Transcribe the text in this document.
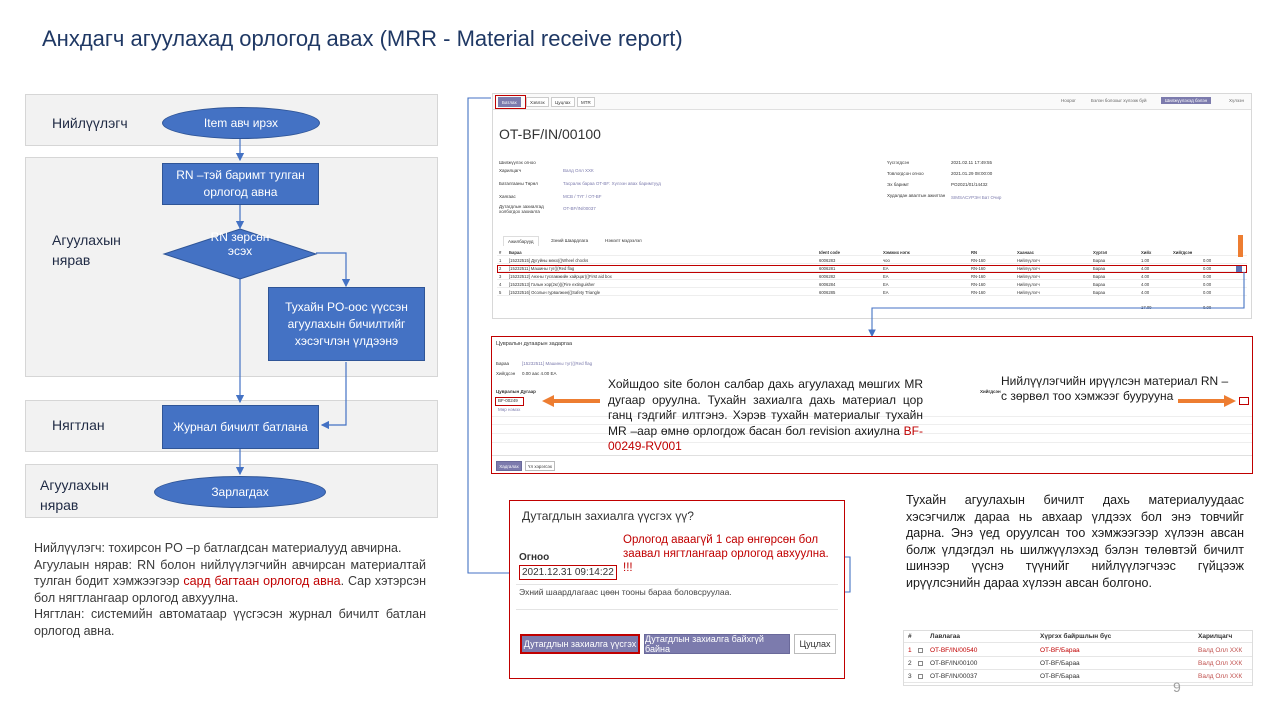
Анхдагч агуулахад орлогод авах (MRR - Material receive report)
Нийлүүлэгч
Агуулахын нярав
Нягтлан
Агуулахын нярав
Item авч ирэх
RN –тэй баримт тулган орлогод авна
RN зөрсөн эсэх
Тухайн PO-оос үүссэн агуулахын бичилтийг хэсэгчлэн үлдээнэ
Журнал бичилт батлана
Зарлагдах
Нийлүүлэгч: тохирсон PO –р батлагдсан материалууд авчирна.
Агуулаын нярав: RN болон нийлүүлэгчийн авчирсан материалтай тулган бодит хэмжээгээр сард багтаан орлогод авна. Сар хэтэрсэн бол нягтлангаар орлогод авхуулна.
Нягтлан: системийн автоматаар үүсгэсэн журнал бичилт батлан орлогод авна.
Батлах	Хэвлэх	Цуцлах	MTR	Ноорог	Бэлэн болохыг хүлээж буй	Шилжүүлэхэд бэлэн	Хүлээн
OT-BF/IN/00100
Шилжүүлэх огноо
Харилцагч	Валд Олл ХХК
Баталгааны Төрөл	Тасралж бараа OT-BF: Хүлээн авах баримтууд
Хаягаас	МСВ / ТҮГ / OT-BF
Дутагдлын захиалгад холбогдох захиалга
OT-BF/IN/00037
Үүсгэгдсэн	2021.02.11 17:49:55
Товлогдсон огноо	2021.01.29 08:00:00
Эх баримт	PO2021/01/14432
Худалдан авалтын ажилтан	SIMSACУРЭН Бат Очир
Ажилбарууд	Зэний Шаардлага	Нэмэлт мэдээлэл
# Бараа	Ident code	Хэмжих нэгж	RN	Хаанаас	Хүргэл	Хийх	Хийгдсэн
1 [15232515] Дугуйны мөхх(((Wheel chocks	6006283	чоо	RN-160	Нийлүүлэгч	Бараа	1.00	0.00
2 [15232511] Машины туг(((Red flag	6006281	EA	RN-160	Нийлүүлэгч	Бараа	4.00	0.00
3 [15232512] Анхны тусламжийн хайрцаг(((First aid box	6006282	EA	RN-160	Нийлүүлэгч	Бараа	4.00	0.00
4 [15232513] Галын хор(2кг)(((Fire extinguisher	6006284	EA	RN-160	Нийлүүлэгч	Бараа	4.00	0.00
5 [15232516] Осолын гурвалжин(((Safety Triangle	6006285	EA	RN-160	Нийлүүлэгч	Бараа	4.00	0.00
17.00	0.00
Цувралын дугаарын задаргаа
Бараа	[15232511] Машины туг(((Red flag
Хийгдсэн 0.00 аас 4.00 ЕА
Цувралын Дугаар	Хийгдсэн
BF-00249
Мөр нэмэх
Хадгалах	Үл хэрэгсэх
Хойшдоо site болон салбар дахь агуулахад мөшгих MR дугаар оруулна. Тухайн захиалга дахь материал цор ганц гэдгийг илтгэнэ. Хэрэв тухайн материалыг тухайн MR –аар өмнө орлогдож басан бол revision ахиулна BF-00249-RV001
Нийлүүлэгчийн ирүүлсэн материал RN –с зөрвөл тоо хэмжээг буурууна
Дутагдлын захиалга үүсгэх үү?
Огноо
2021.12.31 09:14:22
Орлогод аваагүй 1 сар өнгөрсөн бол заавал нягтлангаар орлогод авхуулна. !!!
Эхний шаардлагаас цөөн тооны бараа боловсруулаа.
Дутагдлын захиалга үүсгэх Дутагдлын захиалга байхгүй байна	Цуцлах
Тухайн агуулахын бичилт дахь материалуудаас хэсэгчилж дараа нь авхаар үлдээх бол энэ товчийг дарна. Энэ үед оруулсан тоо хэмжээгээр хүлээн авсан болж үлдэгдэл нь шилжүүлэхэд бэлэн төлөвтэй бичилт шинээр үүснэ түүнийг нийлүүлэгчээс гүйцээж ирүүлсэнийн дараа хүлээн авсан болгоно.
#	Лавлагаа	Хүргэх байршлын бүс	Харилцагч
1	OT-BF/IN/00540	OT-BF/Бараа	Валд Олл ХХК
2	OT-BF/IN/00100	OT-BF/Бараа	Валд Олл ХХК
3	OT-BF/IN/00037	OT-BF/Бараа	Валд Олл ХХК
9
